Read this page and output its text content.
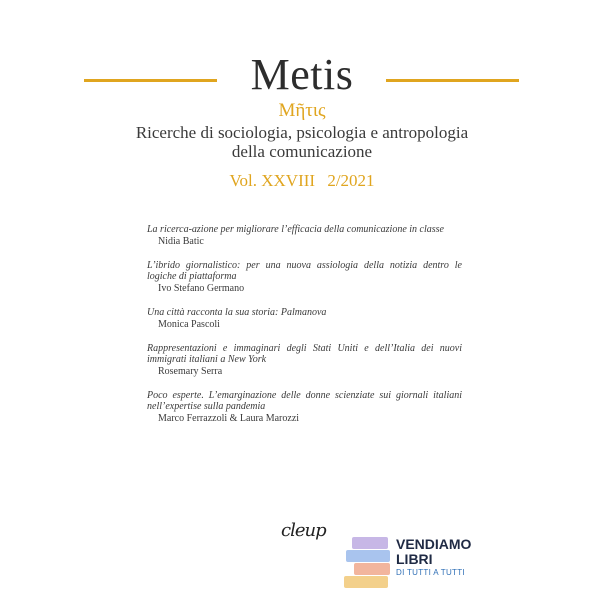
Metis
Μῆτις
Ricerche di sociologia, psicologia e antropologia
della comunicazione
Vol. XXVIII 2/2021
La ricerca-azione per migliorare l’efficacia della comunicazione in classe
Nidia Batic
L’ibrido giornalistico: per una nuova assiologia della notizia dentro le logiche di piattaforma
Ivo Stefano Germano
Una città racconta la sua storia: Palmanova
Monica Pascoli
Rappresentazioni e immaginari degli Stati Uniti e dell’Italia dei nuovi immigrati italiani a New York
Rosemary Serra
Poco esperte. L’emarginazione delle donne scienziate sui giornali italiani nell’expertise sulla pandemia
Marco Ferrazzoli & Laura Marozzi
cleup
VENDIAMO
LIBRI
DI TUTTI A TUTTI
